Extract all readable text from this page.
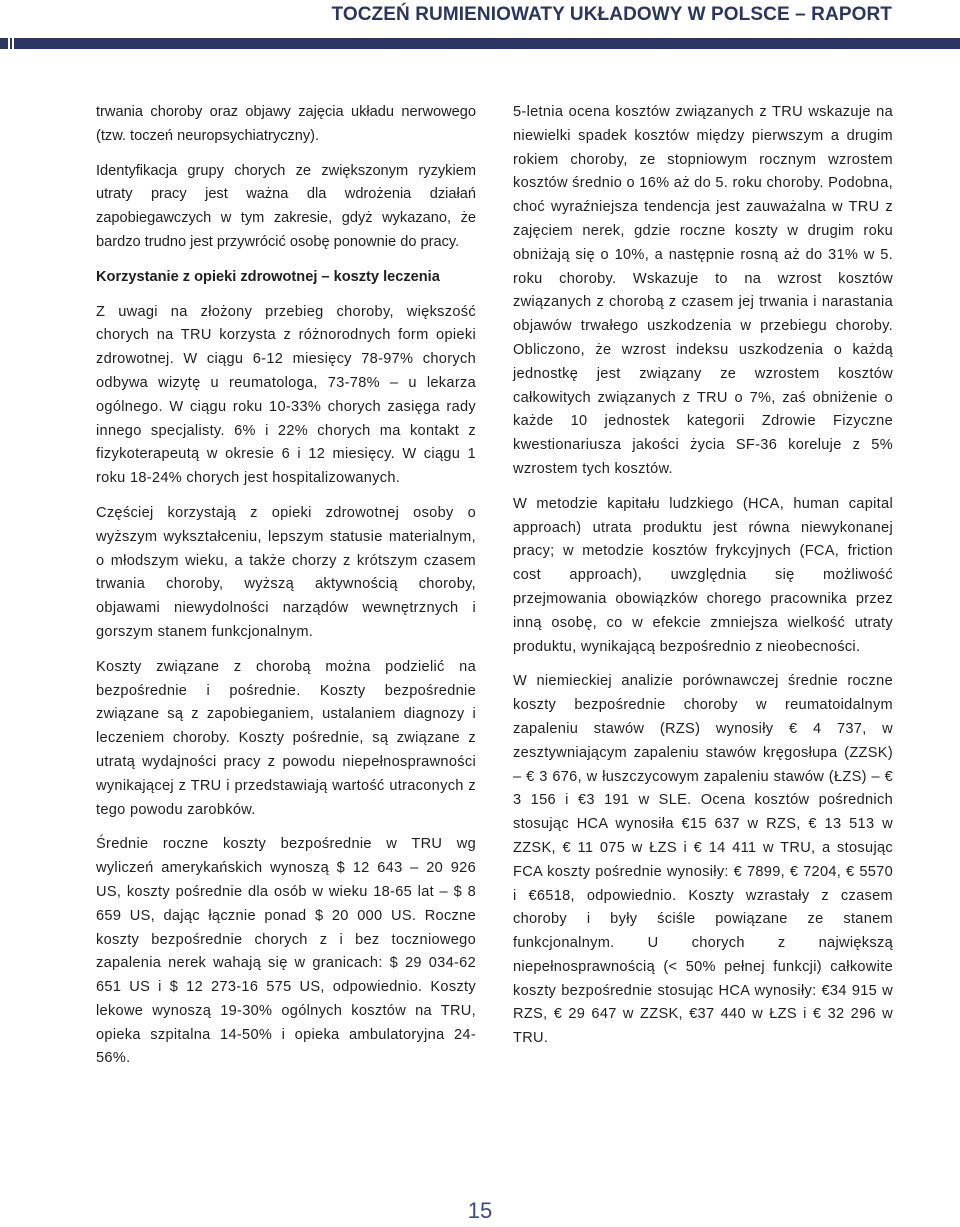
TOCZEŃ RUMIENIOWATY UKŁADOWY W POLSCE – RAPORT

trwania choroby oraz objawy zajęcia układu nerwowego (tzw. toczeń neuropsychiatryczny).

Identyfikacja grupy chorych ze zwiększonym ryzykiem utraty pracy jest ważna dla wdrożenia działań zapobiegawczych w tym zakresie, gdyż wykazano, że bardzo trudno jest przywrócić osobę ponownie do pracy.

Korzystanie z opieki zdrowotnej – koszty leczenia

Z uwagi na złożony przebieg choroby, większość chorych na TRU korzysta z różnorodnych form opieki zdrowotnej. W ciągu 6-12 miesięcy 78-97% chorych odbywa wizytę u reumatologa, 73-78% – u lekarza ogólnego. W ciągu roku 10-33% chorych zasięga rady innego specjalisty. 6% i 22% chorych ma kontakt z fizykoterapeutą w okresie 6 i 12 miesięcy. W ciągu 1 roku 18-24% chorych jest hospitalizowanych.

Częściej korzystają z opieki zdrowotnej osoby o wyższym wykształceniu, lepszym statusie materialnym, o młodszym wieku, a także chorzy z krótszym czasem trwania choroby, wyższą aktywnością choroby, objawami niewydolności narządów wewnętrznych i gorszym stanem funkcjonalnym.

Koszty związane z chorobą można podzielić na bezpośrednie i pośrednie. Koszty bezpośrednie związane są z zapobieganiem, ustalaniem diagnozy i leczeniem choroby. Koszty pośrednie, są związane z utratą wydajności pracy z powodu niepełnosprawności wynikającej z TRU i przedstawiają wartość utraconych z tego powodu zarobków.

Średnie roczne koszty bezpośrednie w TRU wg wyliczeń amerykańskich wynoszą $ 12 643 – 20 926 US, koszty pośrednie dla osób w wieku 18-65 lat – $ 8 659 US, dając łącznie ponad $ 20 000 US. Roczne koszty bezpośrednie chorych z i bez toczniowego zapalenia nerek wahają się w granicach: $ 29 034-62 651 US i $ 12 273-16 575 US, odpowiednio. Koszty lekowe wynoszą 19-30% ogólnych kosztów na TRU, opieka szpitalna 14-50% i opieka ambulatoryjna 24-56%.

5-letnia ocena kosztów związanych z TRU wskazuje na niewielki spadek kosztów między pierwszym a drugim rokiem choroby, ze stopniowym rocznym wzrostem kosztów średnio o 16% aż do 5. roku choroby. Podobna, choć wyraźniejsza tendencja jest zauważalna w TRU z zajęciem nerek, gdzie roczne koszty w drugim roku obniżają się o 10%, a następnie rosną aż do 31% w 5. roku choroby. Wskazuje to na wzrost kosztów związanych z chorobą z czasem jej trwania i narastania objawów trwałego uszkodzenia w przebiegu choroby. Obliczono, że wzrost indeksu uszkodzenia o każdą jednostkę jest związany ze wzrostem kosztów całkowitych związanych z TRU o 7%, zaś obniżenie o każde 10 jednostek kategorii Zdrowie Fizyczne kwestionariusza jakości życia SF-36 koreluje z 5% wzrostem tych kosztów.

W metodzie kapitału ludzkiego (HCA, human capital approach) utrata produktu jest równa niewykonanej pracy; w metodzie kosztów frykcyjnych (FCA, friction cost approach), uwzględnia się możliwość przejmowania obowiązków chorego pracownika przez inną osobę, co w efekcie zmniejsza wielkość utraty produktu, wynikającą bezpośrednio z nieobecności.

W niemieckiej analizie porównawczej średnie roczne koszty bezpośrednie choroby w reumatoidalnym zapaleniu stawów (RZS) wynosiły € 4 737, w zesztywniającym zapaleniu stawów kręgosłupa (ZZSK) – € 3 676, w łuszczycowym zapaleniu stawów (ŁZS) – € 3 156 i €3 191 w SLE. Ocena kosztów pośrednich stosując HCA wynosiła €15 637 w RZS, € 13 513 w ZZSK, € 11 075 w ŁZS i € 14 411 w TRU, a stosując FCA koszty pośrednie wynosiły: € 7899, € 7204, € 5570 i €6518, odpowiednio. Koszty wzrastały z czasem choroby i były ściśle powiązane ze stanem funkcjonalnym. U chorych z największą niepełnosprawnością (< 50% pełnej funkcji) całkowite koszty bezpośrednie stosując HCA wynosiły: €34 915 w RZS, € 29 647 w ZZSK, €37 440 w ŁZS i € 32 296 w TRU.

15
